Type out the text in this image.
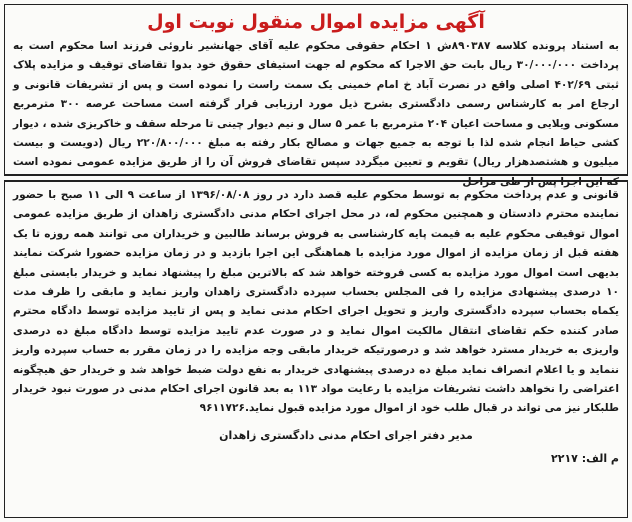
آگهی مزایده اموال منقول نوبت اول

به استناد پرونده کلاسه ۸۹۰۳۸۷ش ۱ احکام حقوقی محکوم علیه آقای جهانشیر ناروئی فرزند اسا محکوم است به پرداخت ۳۰/۰۰۰/۰۰۰ ریال بابت حق الاجرا که محکوم له جهت استیفای حقوق خود بدوا تقاضای توقیف و مزایده پلاک ثبتی ۴۰۲/۶۹ اصلی واقع در نصرت آباد خ امام خمینی یک سمت راست را نموده است و پس از تشریفات قانونی و ارجاع امر به کارشناس رسمی دادگستری بشرح ذیل مورد ارزیابی قرار گرفته است مساحت عرصه ۳۰۰ مترمربع مسکونی ویلایی و مساحت اعیان ۲۰۴ مترمربع با عمر ۵ سال و نیم دیوار چینی تا مرحله سقف و خاکریزی شده ، دیوار کشی حیاط انجام شده لذا با توجه به جمیع جهات و مصالح بکار رفته به مبلغ ۲۲۰/۸۰۰/۰۰۰ ریال (دویست و بیست میلیون و هشتصدهزار ریال) تقویم و تعیین میگردد سپس تقاضای فروش آن را از طریق مزایده عمومی نموده است که این اجرا پس از طی مراحل

قانونی و عدم پرداخت محکوم به توسط محکوم علیه قصد دارد در روز ۱۳۹۶/۰۸/۰۸ از ساعت ۹ الی ۱۱ صبح با حضور نماینده محترم دادستان و همچنین محکوم له، در محل اجرای احکام مدنی دادگستری زاهدان از طریق مزایده عمومی اموال توقیفی محکوم علیه به قیمت پایه کارشناسی به فروش برساند طالبین و خریداران می توانند همه روزه تا یک هفته قبل از زمان مزایده از اموال مورد مزایده با هماهنگی این اجرا بازدید و در زمان مزایده حضورا شرکت نمایند بدیهی است اموال مورد مزایده به کسی فروخته خواهد شد که بالاترین مبلغ را پیشنهاد نماید و خریدار بایستی مبلغ ۱۰ درصدی پیشنهادی مزایده را فی المجلس بحساب سپرده دادگستری زاهدان واریز نماید و مابقی را ظرف مدت یکماه بحساب سپرده دادگستری واریز و تحویل اجرای احکام مدنی نماید و پس از تایید مزایده توسط دادگاه محترم صادر کننده حکم تقاضای انتقال مالکیت اموال نماید و در صورت عدم تایید مزایده توسط دادگاه مبلغ ده درصدی واریزی به خریدار مسترد خواهد شد و درصورتیکه خریدار مابقی وجه مزایده را در زمان مقرر به حساب سپرده واریز ننماید و یا اعلام انصراف نماید مبلغ ده درصدی پیشنهادی خریدار به نفع دولت ضبط خواهد شد و خریدار حق هیچگونه اعتراضی را نخواهد داشت تشریفات مزایده با رعایت مواد ۱۱۳ به بعد قانون اجرای احکام مدنی در صورت نبود خریدار طلبکار نیز می تواند در قبال طلب خود از اموال مورد مزایده قبول نماید.۹۶۱۱۷۲۶

مدیر دفتر اجرای احکام مدنی دادگستری زاهدان
م الف: ۲۲۱۷
